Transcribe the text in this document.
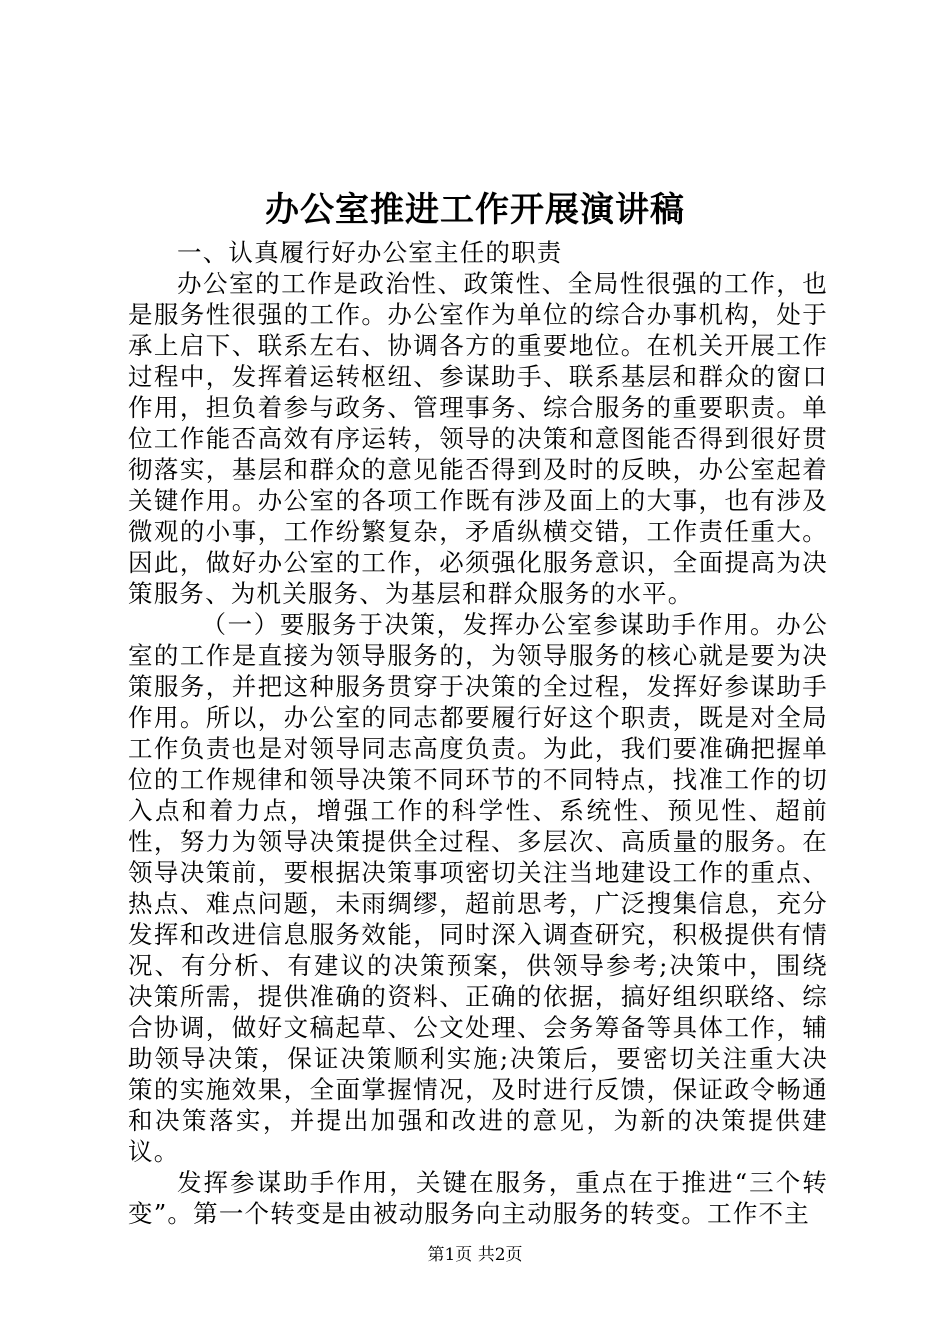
办公室推进工作开展演讲稿

一、认真履行好办公室主任的职责

办公室的工作是政治性、政策性、全局性很强的工作，也是服务性很强的工作。办公室作为单位的综合办事机构，处于承上启下、联系左右、协调各方的重要地位。在机关开展工作过程中，发挥着运转枢纽、参谋助手、联系基层和群众的窗口作用，担负着参与政务、管理事务、综合服务的重要职责。单位工作能否高效有序运转，领导的决策和意图能否得到很好贯彻落实，基层和群众的意见能否得到及时的反映，办公室起着关键作用。办公室的各项工作既有涉及面上的大事，也有涉及微观的小事，工作纷繁复杂，矛盾纵横交错，工作责任重大。因此，做好办公室的工作，必须强化服务意识，全面提高为决策服务、为机关服务、为基层和群众服务的水平。

（一）要服务于决策，发挥办公室参谋助手作用。办公室的工作是直接为领导服务的，为领导服务的核心就是要为决策服务，并把这种服务贯穿于决策的全过程，发挥好参谋助手作用。所以，办公室的同志都要履行好这个职责，既是对全局工作负责也是对领导同志高度负责。为此，我们要准确把握单位的工作规律和领导决策不同环节的不同特点，找准工作的切入点和着力点，增强工作的科学性、系统性、预见性、超前性，努力为领导决策提供全过程、多层次、高质量的服务。在领导决策前，要根据决策事项密切关注当地建设工作的重点、热点、难点问题，未雨绸缪，超前思考，广泛搜集信息，充分发挥和改进信息服务效能，同时深入调查研究，积极提供有情况、有分析、有建议的决策预案，供领导参考;决策中，围绕决策所需，提供准确的资料、正确的依据，搞好组织联络、综合协调，做好文稿起草、公文处理、会务筹备等具体工作，辅助领导决策，保证决策顺利实施;决策后，要密切关注重大决策的实施效果，全面掌握情况，及时进行反馈，保证政令畅通和决策落实，并提出加强和改进的意见，为新的决策提供建议。

发挥参谋助手作用，关键在服务，重点在于推进“三个转变”。第一个转变是由被动服务向主动服务的转变。工作不主

第1页 共2页
